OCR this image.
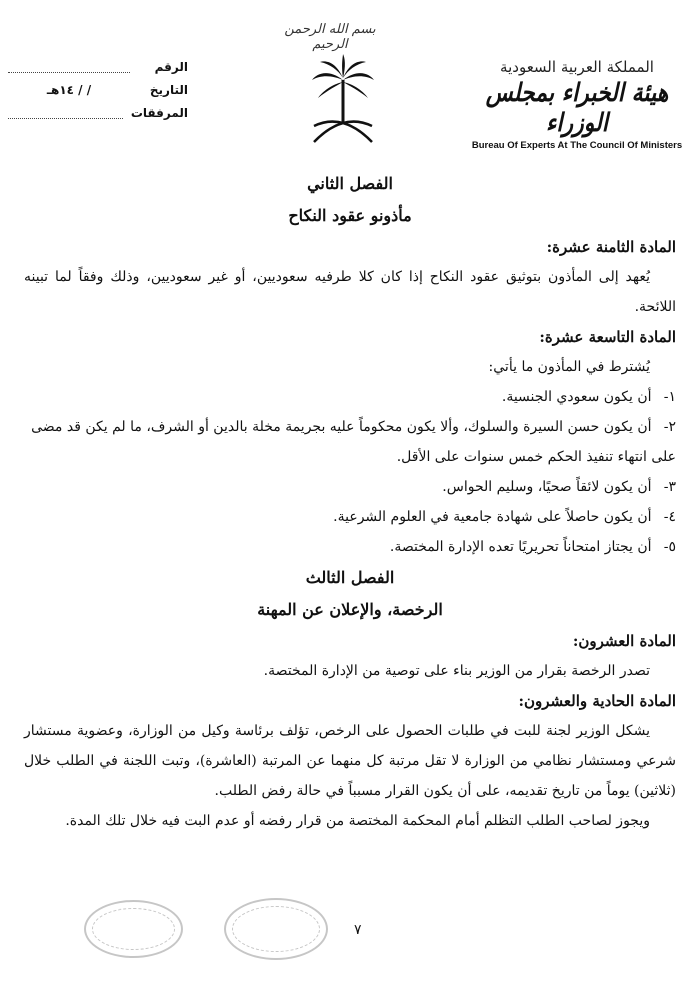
بسم الله الرحمن الرحيم
الرقم
التاريخ
/ / ١٤هـ
المرفقات
المملكة العربية السعودية
هيئة الخبراء بمجلس الوزراء
Bureau Of Experts At The Council Of Ministers
الفصل الثاني
مأذونو عقود النكاح
المادة الثامنة عشرة:
يُعهد إلى المأذون بتوثيق عقود النكاح إذا كان كلا طرفيه سعوديين، أو غير سعوديين، وذلك وفقاً لما تبينه اللائحة.
المادة التاسعة عشرة:
يُشترط في المأذون ما يأتي:
١- أن يكون سعودي الجنسية.
٢- أن يكون حسن السيرة والسلوك، وألا يكون محكوماً عليه بجريمة مخلة بالدين أو الشرف، ما لم يكن قد مضى على انتهاء تنفيذ الحكم خمس سنوات على الأقل.
٣- أن يكون لائقاً صحيًا، وسليم الحواس.
٤- أن يكون حاصلاً على شهادة جامعية في العلوم الشرعية.
٥- أن يجتاز امتحاناً تحريريًا تعده الإدارة المختصة.
الفصل الثالث
الرخصة، والإعلان عن المهنة
المادة العشرون:
تصدر الرخصة بقرار من الوزير بناء على توصية من الإدارة المختصة.
المادة الحادية والعشرون:
يشكل الوزير لجنة للبت في طلبات الحصول على الرخص، تؤلف برئاسة وكيل من الوزارة، وعضوية مستشار شرعي ومستشار نظامي من الوزارة لا تقل مرتبة كل منهما عن المرتبة (العاشرة)، وتبت اللجنة في الطلب خلال (ثلاثين) يوماً من تاريخ تقديمه، على أن يكون القرار مسبباً في حالة رفض الطلب.
ويجوز لصاحب الطلب التظلم أمام المحكمة المختصة من قرار رفضه أو عدم البت فيه خلال تلك المدة.
٧
